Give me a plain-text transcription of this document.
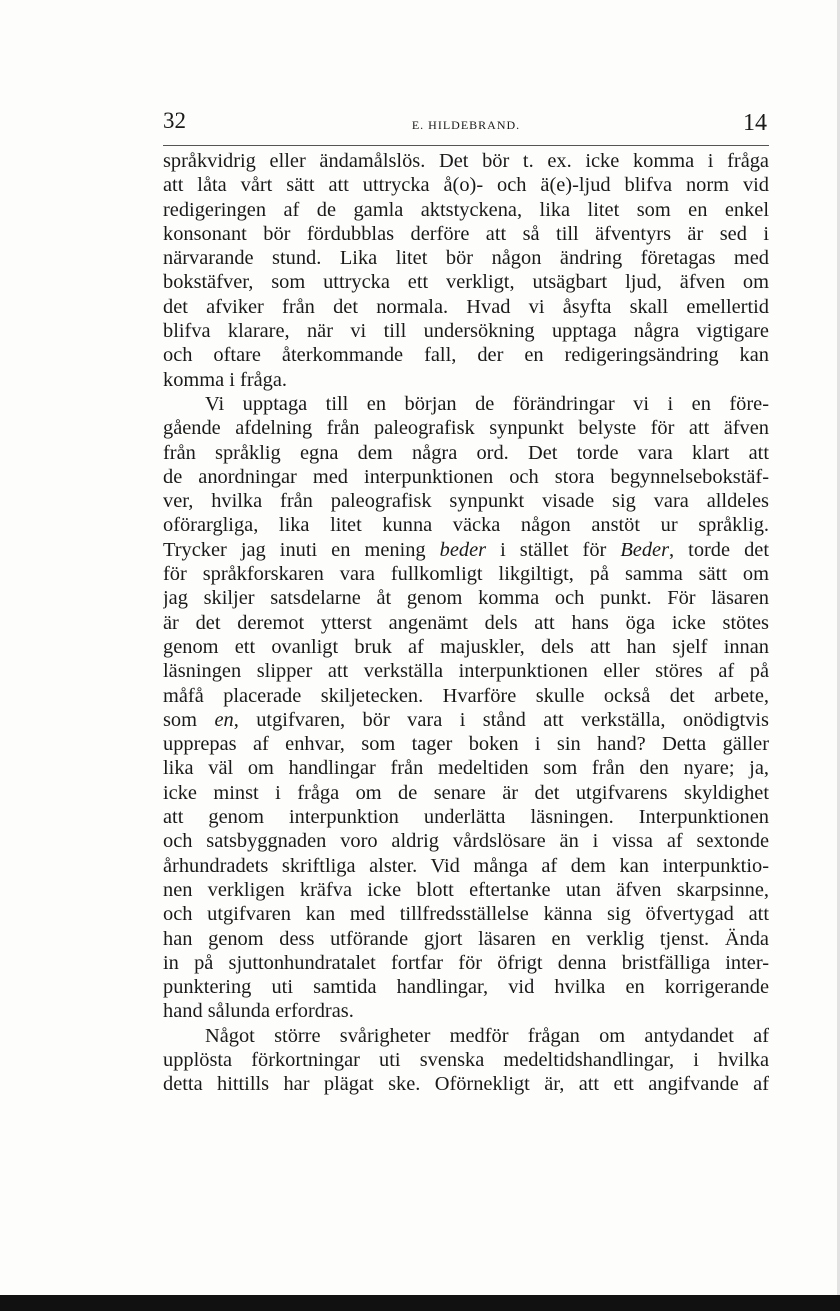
32	E. HILDEBRAND.	14
språkvidrig eller ändamålslös. Det bör t. ex. icke komma i fråga
att låta vårt sätt att uttrycka å(o)- och ä(e)-ljud blifva norm vid
redigeringen af de gamla aktstyckena, lika litet som en enkel
konsonant bör fördubblas derföre att så till äfventyrs är sed i
närvarande stund. Lika litet bör någon ändring företagas med
bokstäfver, som uttrycka ett verkligt, utsägbart ljud, äfven om
det afviker från det normala. Hvad vi åsyfta skall emellertid
blifva klarare, när vi till undersökning upptaga några vigtigare
och oftare återkommande fall, der en redigeringsändring kan
komma i fråga.
Vi upptaga till en början de förändringar vi i en före-
gående afdelning från paleografisk synpunkt belyste för att äfven
från språklig egna dem några ord. Det torde vara klart att
de anordningar med interpunktionen och stora begynnelsebokstäf-
ver, hvilka från paleografisk synpunkt visade sig vara alldeles
oförargliga, lika litet kunna väcka någon anstöt ur språklig.
Trycker jag inuti en mening beder i stället för Beder, torde det
för språkforskaren vara fullkomligt likgiltigt, på samma sätt om
jag skiljer satsdelarne åt genom komma och punkt. För läsaren
är det deremot ytterst angenämt dels att hans öga icke stötes
genom ett ovanligt bruk af majuskler, dels att han sjelf innan
läsningen slipper att verkställa interpunktionen eller störes af på
måfå placerade skiljetecken. Hvarföre skulle också det arbete,
som en, utgifvaren, bör vara i stånd att verkställa, onödigtvis
upprepas af enhvar, som tager boken i sin hand? Detta gäller
lika väl om handlingar från medeltiden som från den nyare; ja,
icke minst i fråga om de senare är det utgifvarens skyldighet
att genom interpunktion underlätta läsningen. Interpunktionen
och satsbyggnaden voro aldrig vårdslösare än i vissa af sextonde
århundradets skriftliga alster. Vid många af dem kan interpunktio-
nen verkligen kräfva icke blott eftertanke utan äfven skarpsinne,
och utgifvaren kan med tillfredsställelse känna sig öfvertygad att
han genom dess utförande gjort läsaren en verklig tjenst. Ända
in på sjuttonhundratalet fortfar för öfrigt denna bristfälliga inter-
punktering uti samtida handlingar, vid hvilka en korrigerande
hand sålunda erfordras.
Något större svårigheter medför frågan om antydandet af
upplösta förkortningar uti svenska medeltidshandlingar, i hvilka
detta hittills har plägat ske. Oförnekligt är, att ett angifvande af
